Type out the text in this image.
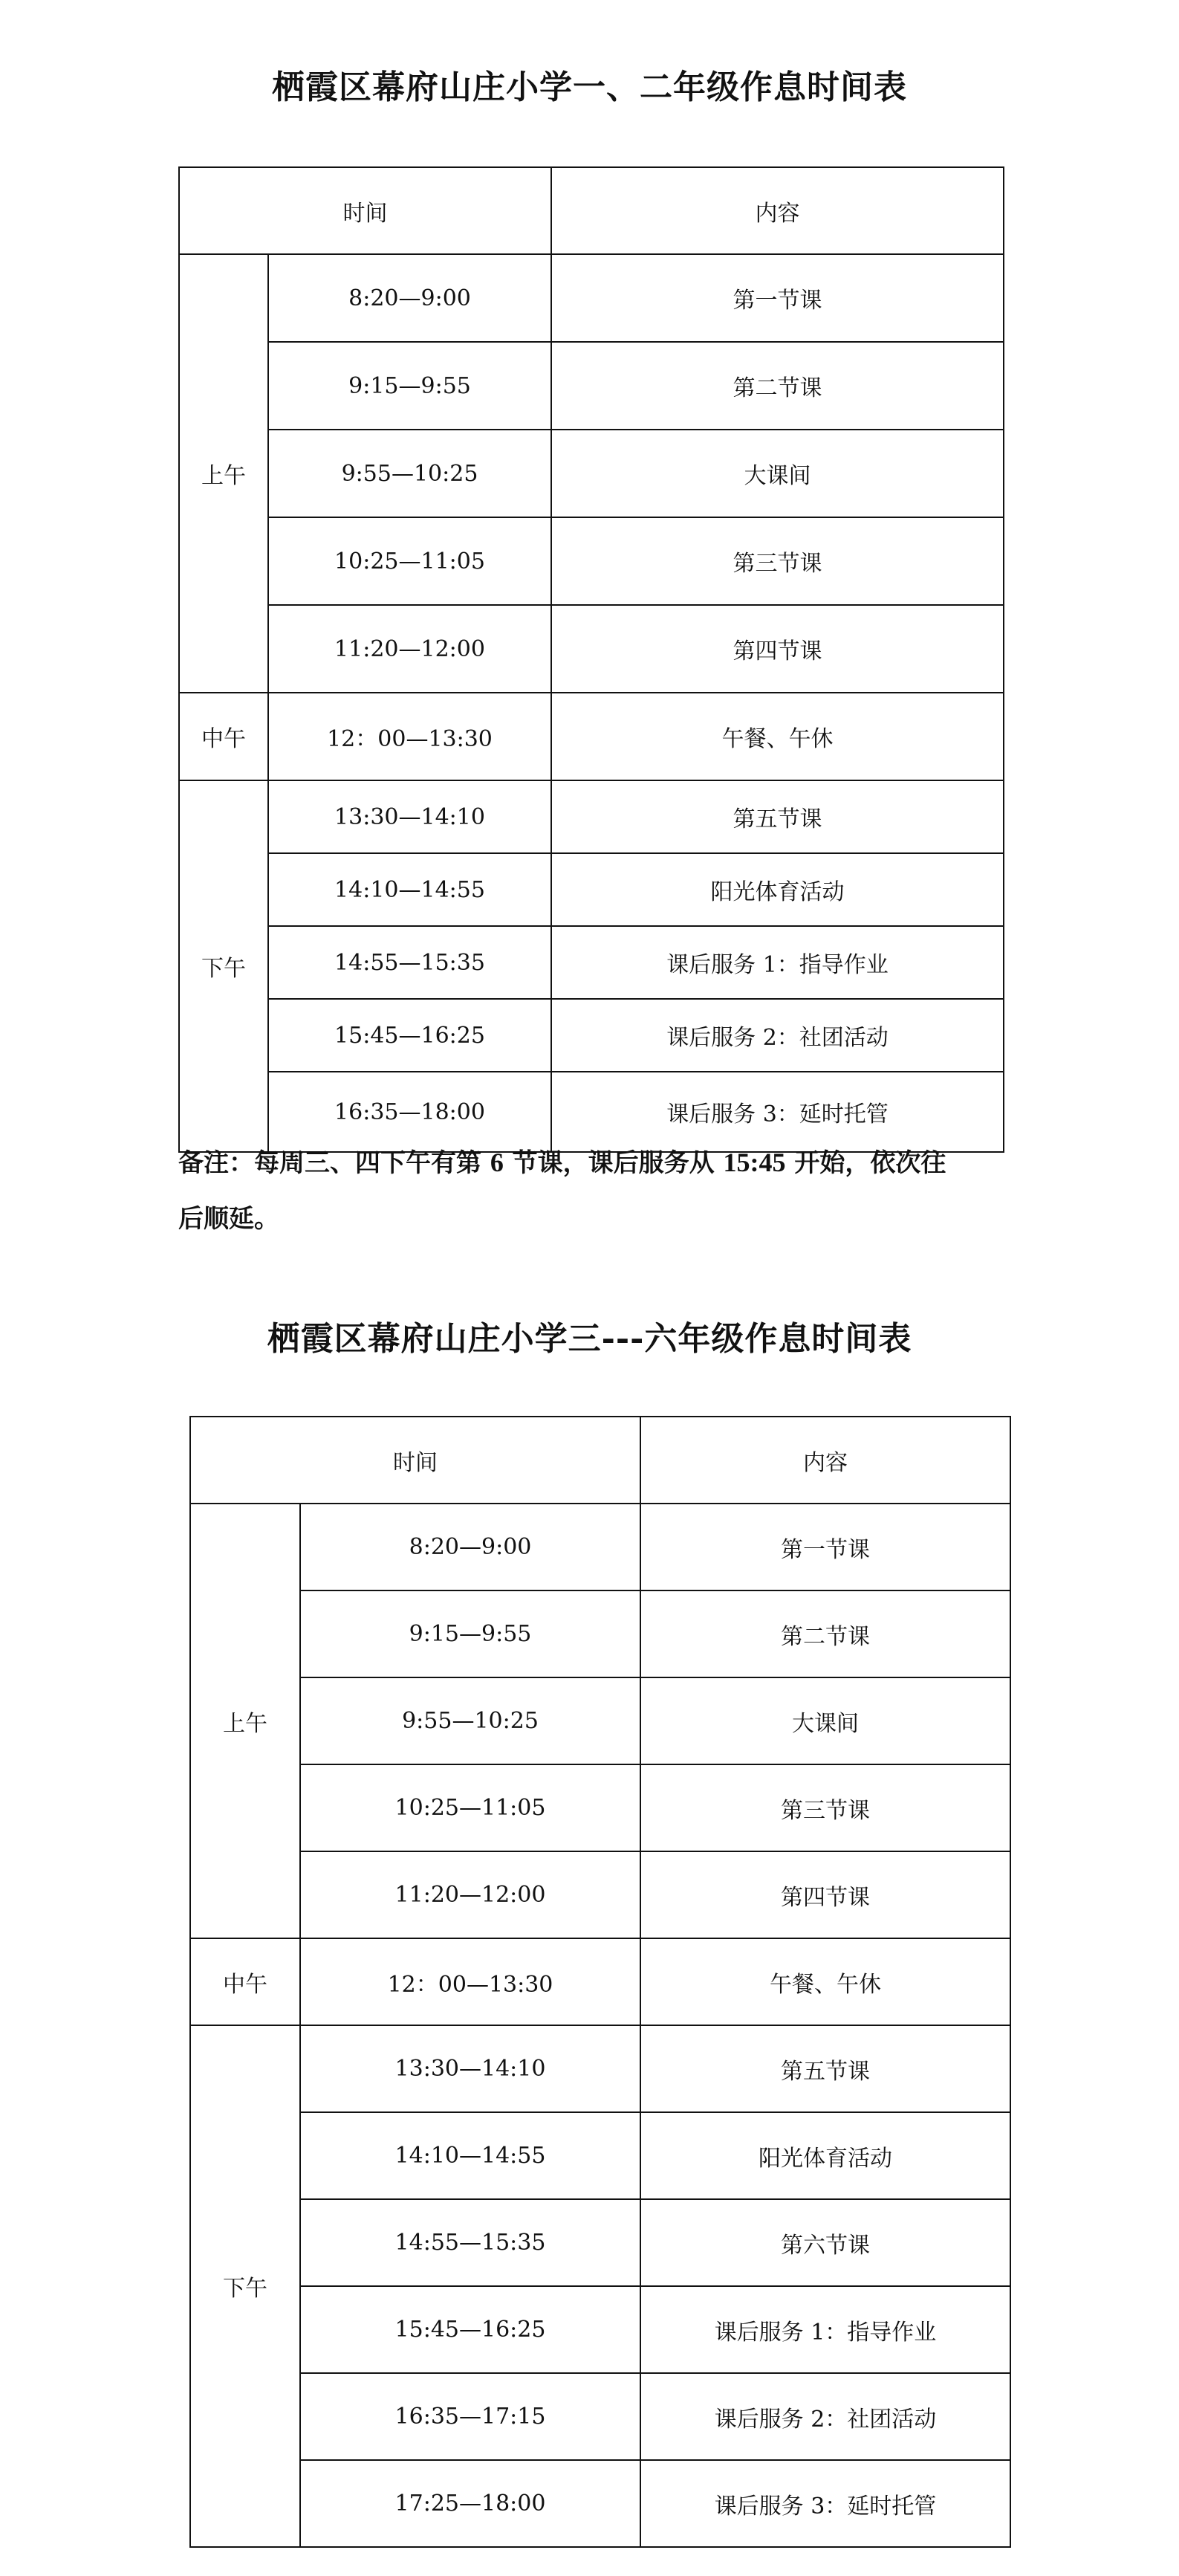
栖霞区幕府山庄小学一、二年级作息时间表
时间		内容
上午	8:20—9:00	第一节课
	9:15—9:55	第二节课
	9:55—10:25	大课间
	10:25—11:05	第三节课
	11:20—12:00	第四节课
中午	12：00—13:30	午餐、午休
下午	13:30—14:10	第五节课
	14:10—14:55	阳光体育活动
	14:55—15:35	课后服务 1：指导作业
	15:45—16:25	课后服务 2：社团活动
	16:35—18:00	课后服务 3：延时托管
备注：每周三、四下午有第 6 节课，课后服务从 15:45 开始，依次往
后顺延。
栖霞区幕府山庄小学三---六年级作息时间表
时间		内容
上午	8:20—9:00	第一节课
	9:15—9:55	第二节课
	9:55—10:25	大课间
	10:25—11:05	第三节课
	11:20—12:00	第四节课
中午	12：00—13:30	午餐、午休
下午	13:30—14:10	第五节课
	14:10—14:55	阳光体育活动
	14:55—15:35	第六节课
	15:45—16:25	课后服务 1：指导作业
	16:35—17:15	课后服务 2：社团活动
	17:25—18:00	课后服务 3：延时托管
